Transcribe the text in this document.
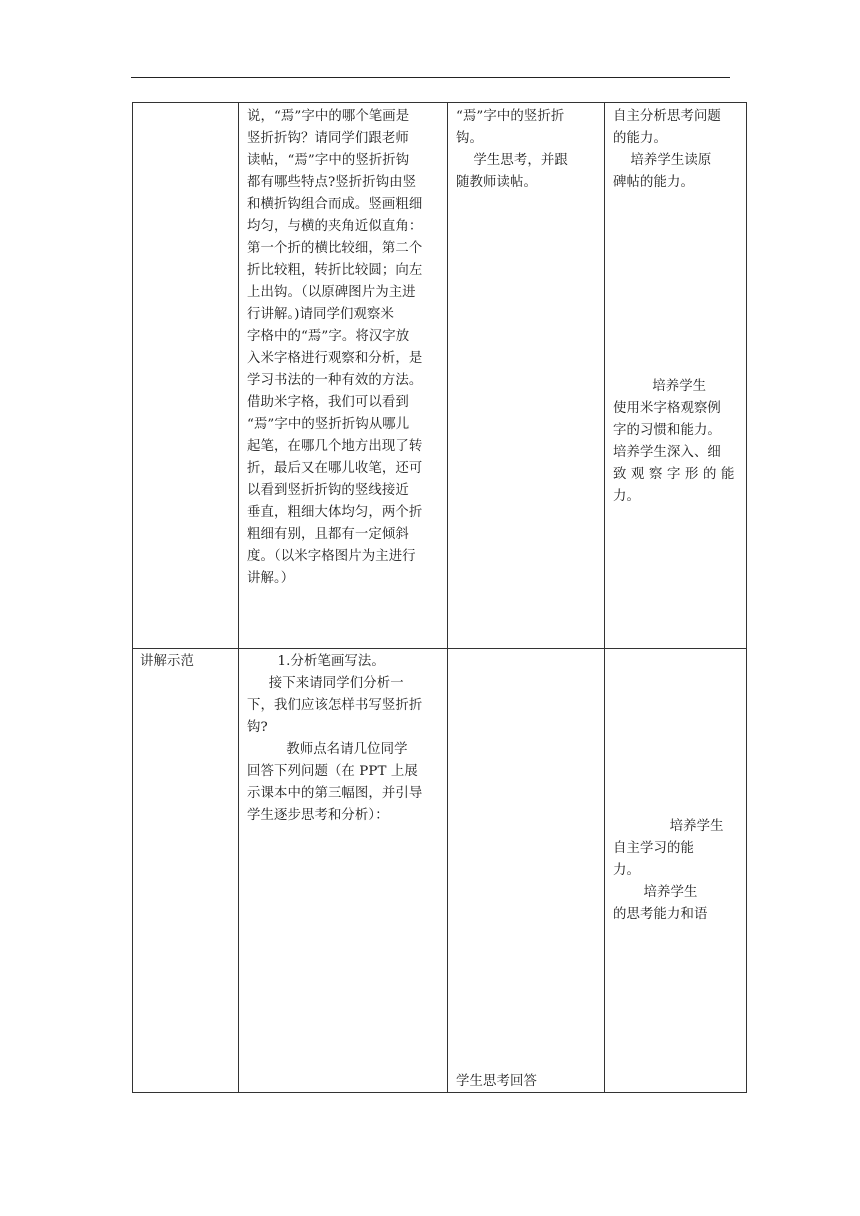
说，“焉”字中的哪个笔画是
竖折折钩？请同学们跟老师
读帖，“焉”字中的竖折折钩
都有哪些特点?竖折折钩由竖
和横折钩组合而成。竖画粗细
均匀，与横的夹角近似直角：
第一个折的横比较细，第二个
折比较粗，转折比较圆；向左
上出钩。（以原碑图片为主进
行讲解。)请同学们观察米
字格中的“焉”字。将汉字放
入米字格进行观察和分析，是
学习书法的一种有效的方法。
借助米字格，我们可以看到
“焉”字中的竖折折钩从哪儿
起笔，在哪几个地方出现了转
折，最后又在哪儿收笔，还可
以看到竖折折钩的竖线接近
垂直，粗细大体均匀，两个折
粗细有别，且都有一定倾斜
度。（以米字格图片为主进行
讲解。）
“焉”字中的竖折折
钩。
学生思考，并跟
随教师读帖。
自主分析思考问题
的能力。
培养学生读原
碑帖的能力。
培养学生
使用米字格观察例
字的习惯和能力。
培养学生深入、细
致观察字形的能
力。
讲解示范	1.分析笔画写法。
接下来请同学们分析一
下，我们应该怎样书写竖折折
钩?
教师点名请几位同学
回答下列问题（在 PPT 上展
示课本中的第三幅图，并引导
学生逐步思考和分析）：
学生思考回答
培养学生
自主学习的能
力。
培养学生
的思考能力和语
